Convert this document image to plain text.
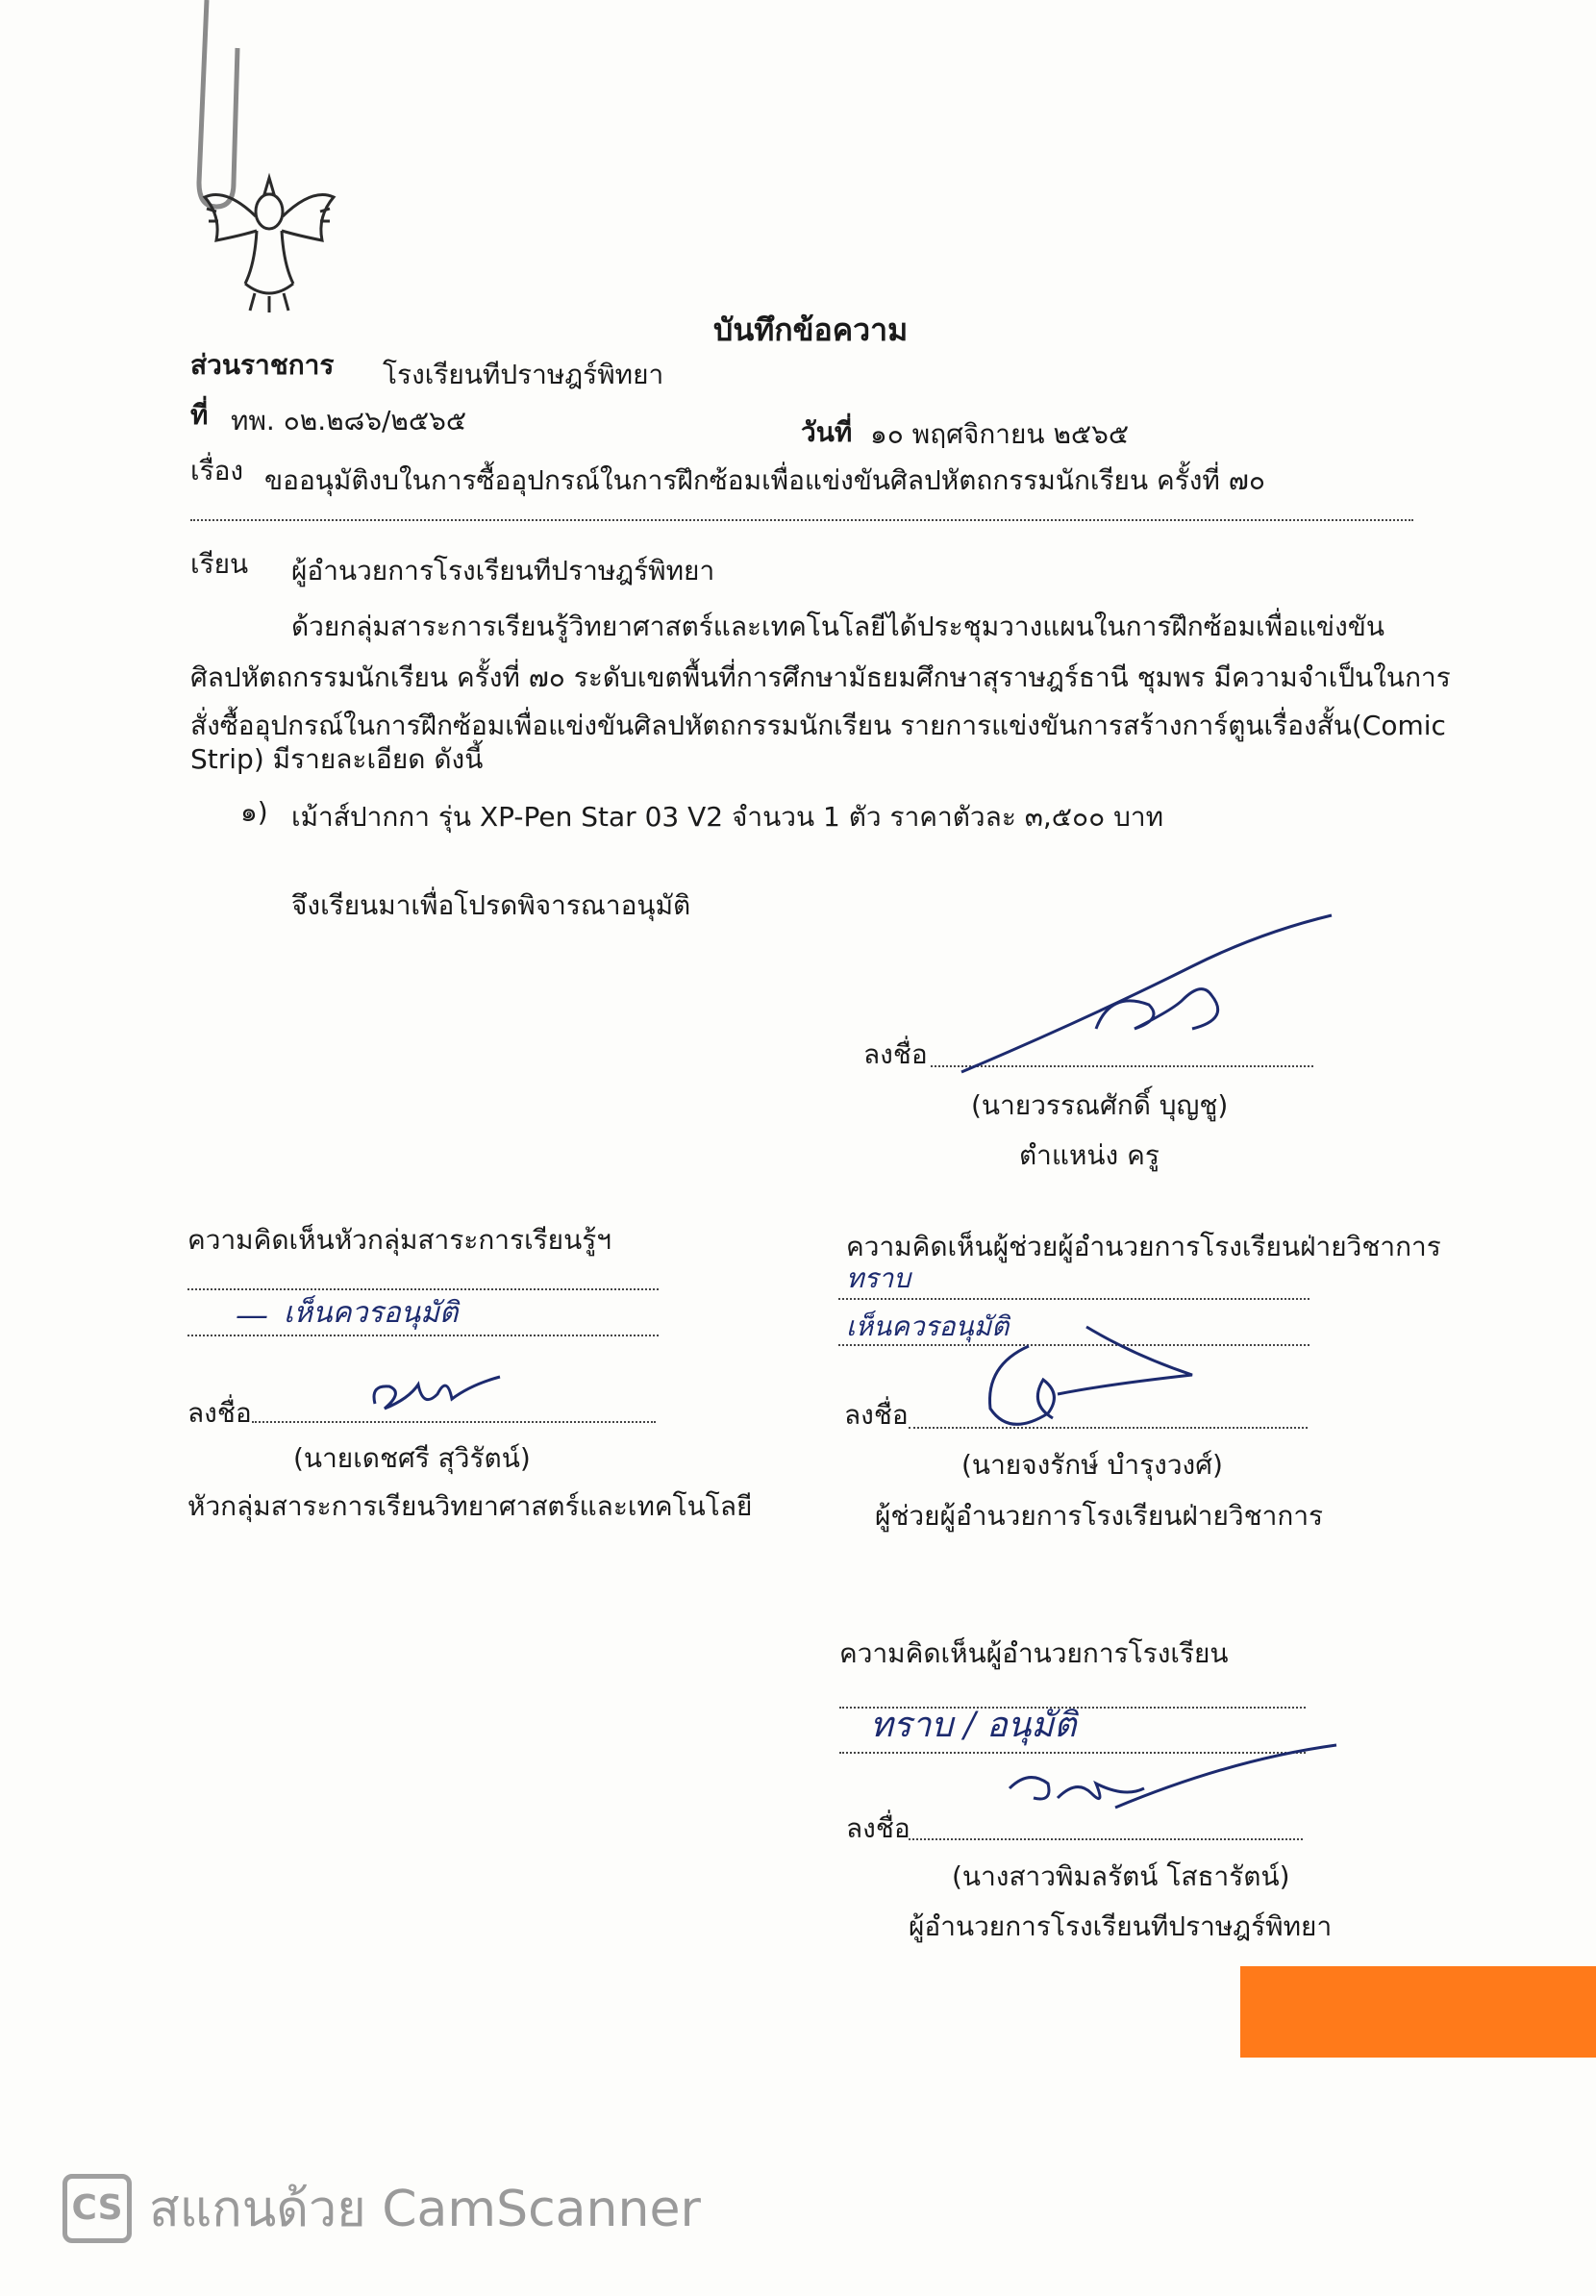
บันทึกข้อความ
ส่วนราชการ โรงเรียนทีปราษฎร์พิทยา
ที่ ทพ. ๐๒.๒๘๖/๒๕๖๕	วันที่ ๑๐ พฤศจิกายน ๒๕๖๕
เรื่อง ขออนุมัติงบในการซื้ออุปกรณ์ในการฝึกซ้อมเพื่อแข่งขันศิลปหัตถกรรมนักเรียน ครั้งที่ ๗๐
เรียน ผู้อำนวยการโรงเรียนทีปราษฎร์พิทยา
ด้วยกลุ่มสาระการเรียนรู้วิทยาศาสตร์และเทคโนโลยีได้ประชุมวางแผนในการฝึกซ้อมเพื่อแข่งขัน
ศิลปหัตถกรรมนักเรียน ครั้งที่ ๗๐ ระดับเขตพื้นที่การศึกษามัธยมศึกษาสุราษฎร์ธานี ชุมพร มีความจำเป็นในการ
สั่งซื้ออุปกรณ์ในการฝึกซ้อมเพื่อแข่งขันศิลปหัตถกรรมนักเรียน รายการแข่งขันการสร้างการ์ตูนเรื่องสั้น(Comic
Strip) มีรายละเอียด ดังนี้
๑) เม้าส์ปากกา รุ่น XP-Pen Star 03 V2 จำนวน 1 ตัว ราคาตัวละ ๓,๕๐๐ บาท
จึงเรียนมาเพื่อโปรดพิจารณาอนุมัติ
ลงชื่อ
(นายวรรณศักดิ์ บุญชู)
ตำแหน่ง ครู
ความคิดเห็นหัวกลุ่มสาระการเรียนรู้ฯ
— เห็นควรอนุมัติ
ลงชื่อ
(นายเดชศรี สุวิรัตน์)
หัวกลุ่มสาระการเรียนวิทยาศาสตร์และเทคโนโลยี
ความคิดเห็นผู้ช่วยผู้อำนวยการโรงเรียนฝ่ายวิชาการ
ทราบ
เห็นควรอนุมัติ
ลงชื่อ
(นายจงรักษ์ บำรุงวงศ์)
ผู้ช่วยผู้อำนวยการโรงเรียนฝ่ายวิชาการ
ความคิดเห็นผู้อำนวยการโรงเรียน
ทราบ / อนุมัติ
ลงชื่อ
(นางสาวพิมลรัตน์ โสธารัตน์)
ผู้อำนวยการโรงเรียนทีปราษฎร์พิทยา
CS สแกนด้วย CamScanner
